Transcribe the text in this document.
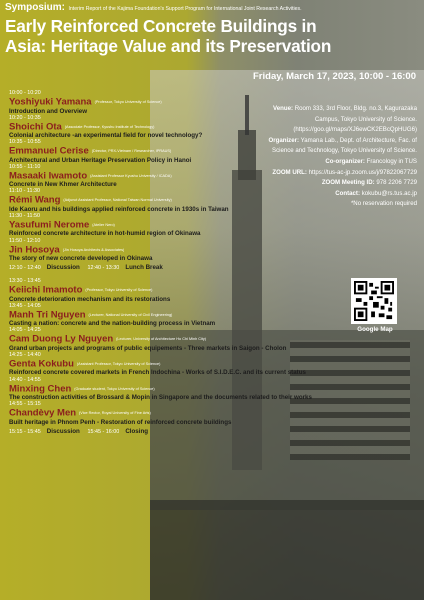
Symposium: Interim Report of the Kajima Foundation's Support Program for International Joint Research Activities.
Early Reinforced Concrete Buildings in
Asia: Heritage Value and its Preservation
Friday, March 17, 2023, 10:00 - 16:00
10:00 - 10:20
Yoshiyuki Yamana (Professor, Tokyo University of Science)
Introduction and Overview
10:20 - 10:35
Shoichi Ota (Associate Professor, Kyushu Institute of Technology)
Colonial architecture -an experimental field for novel technology?
10:35 - 10:55
Emmanuel Cerise (Director, PRX-Vietnam / Researcher, IPRAUS)
Architectural and Urban Heritage Preservation Policy in Hanoi
10:55 - 11:10
Masaaki Iwamoto (Assistant Professor Kyushu University / ICADA)
Concrete in New Khmer Architecture
11:10 - 11:30
Rémi Wang (Adjunct Assistant Professor, National Taiwan Normal University)
Ide Kaoru and his buildings applied reinforced concrete in 1930s in Taiwan
11:30 - 11:50
Yasufumi Nerome (Atelier Nero)
Reinforced concrete architecture in hot-humid region of Okinawa
11:50 - 12:10
Jin Hosoya (Jin Hosoya Architects & Associates)
The story of new concrete developed in Okinawa
12:10 - 12:40 Discussion 12:40 - 13:30 Lunch Break
13:30 - 13:45
Keiichi Imamoto (Professor, Tokyo University of Science)
Concrete deterioration mechanism and its restorations
13:45 - 14:05
Manh Tri Nguyen (Lecturer, National University of Civil Engineering)
Casting a nation: concrete and the nation-building process in Vietnam
14:05 - 14:25
Cam Duong Ly Nguyen (Lecturer, University of Architecture Ho Chi Minh City)
Grand urban projects and programs of public equipements - Three markets in Saigon - Cholon
14:25 - 14:40
Genta Kokubu (Assistant Professor, Tokyo University of Science)
Reinforced concrete covered markets in French Indochina - Works of S.I.D.E.C. and its current status
14:40 - 14:55
Minxing Chen (Graduate student, Tokyo University of Science)
The construction activities of Brossard & Mopin in Singapore and the documents related to their works
14:55 - 15:15
Chandèvy Men (Vice Rector, Royal University of Fine Arts)
Built heritage in Phnom Penh - Restoration of reinforced concrete buildings
15:15 - 15:45 Discussion 15:45 - 16:00 Closing
Venue: Room 333, 3rd Floor, Bldg. no.3, Kagurazaka Campus, Tokyo University of Science. (https://goo.gl/maps/XJ6ewCK2EBcQpHUG6)
Organizer: Yamana Lab., Dept. of Architecture, Fac. of Science and Technology, Tokyo University of Science.
Co-organizer: Francology in TUS
ZOOM URL: https://tus-ac-jp.zoom.us/j/97822067729
ZOOM Meeting ID: 978 2206 7729
Contact: kokubu@rs.tus.ac.jp
*No reservation required
Google Map
